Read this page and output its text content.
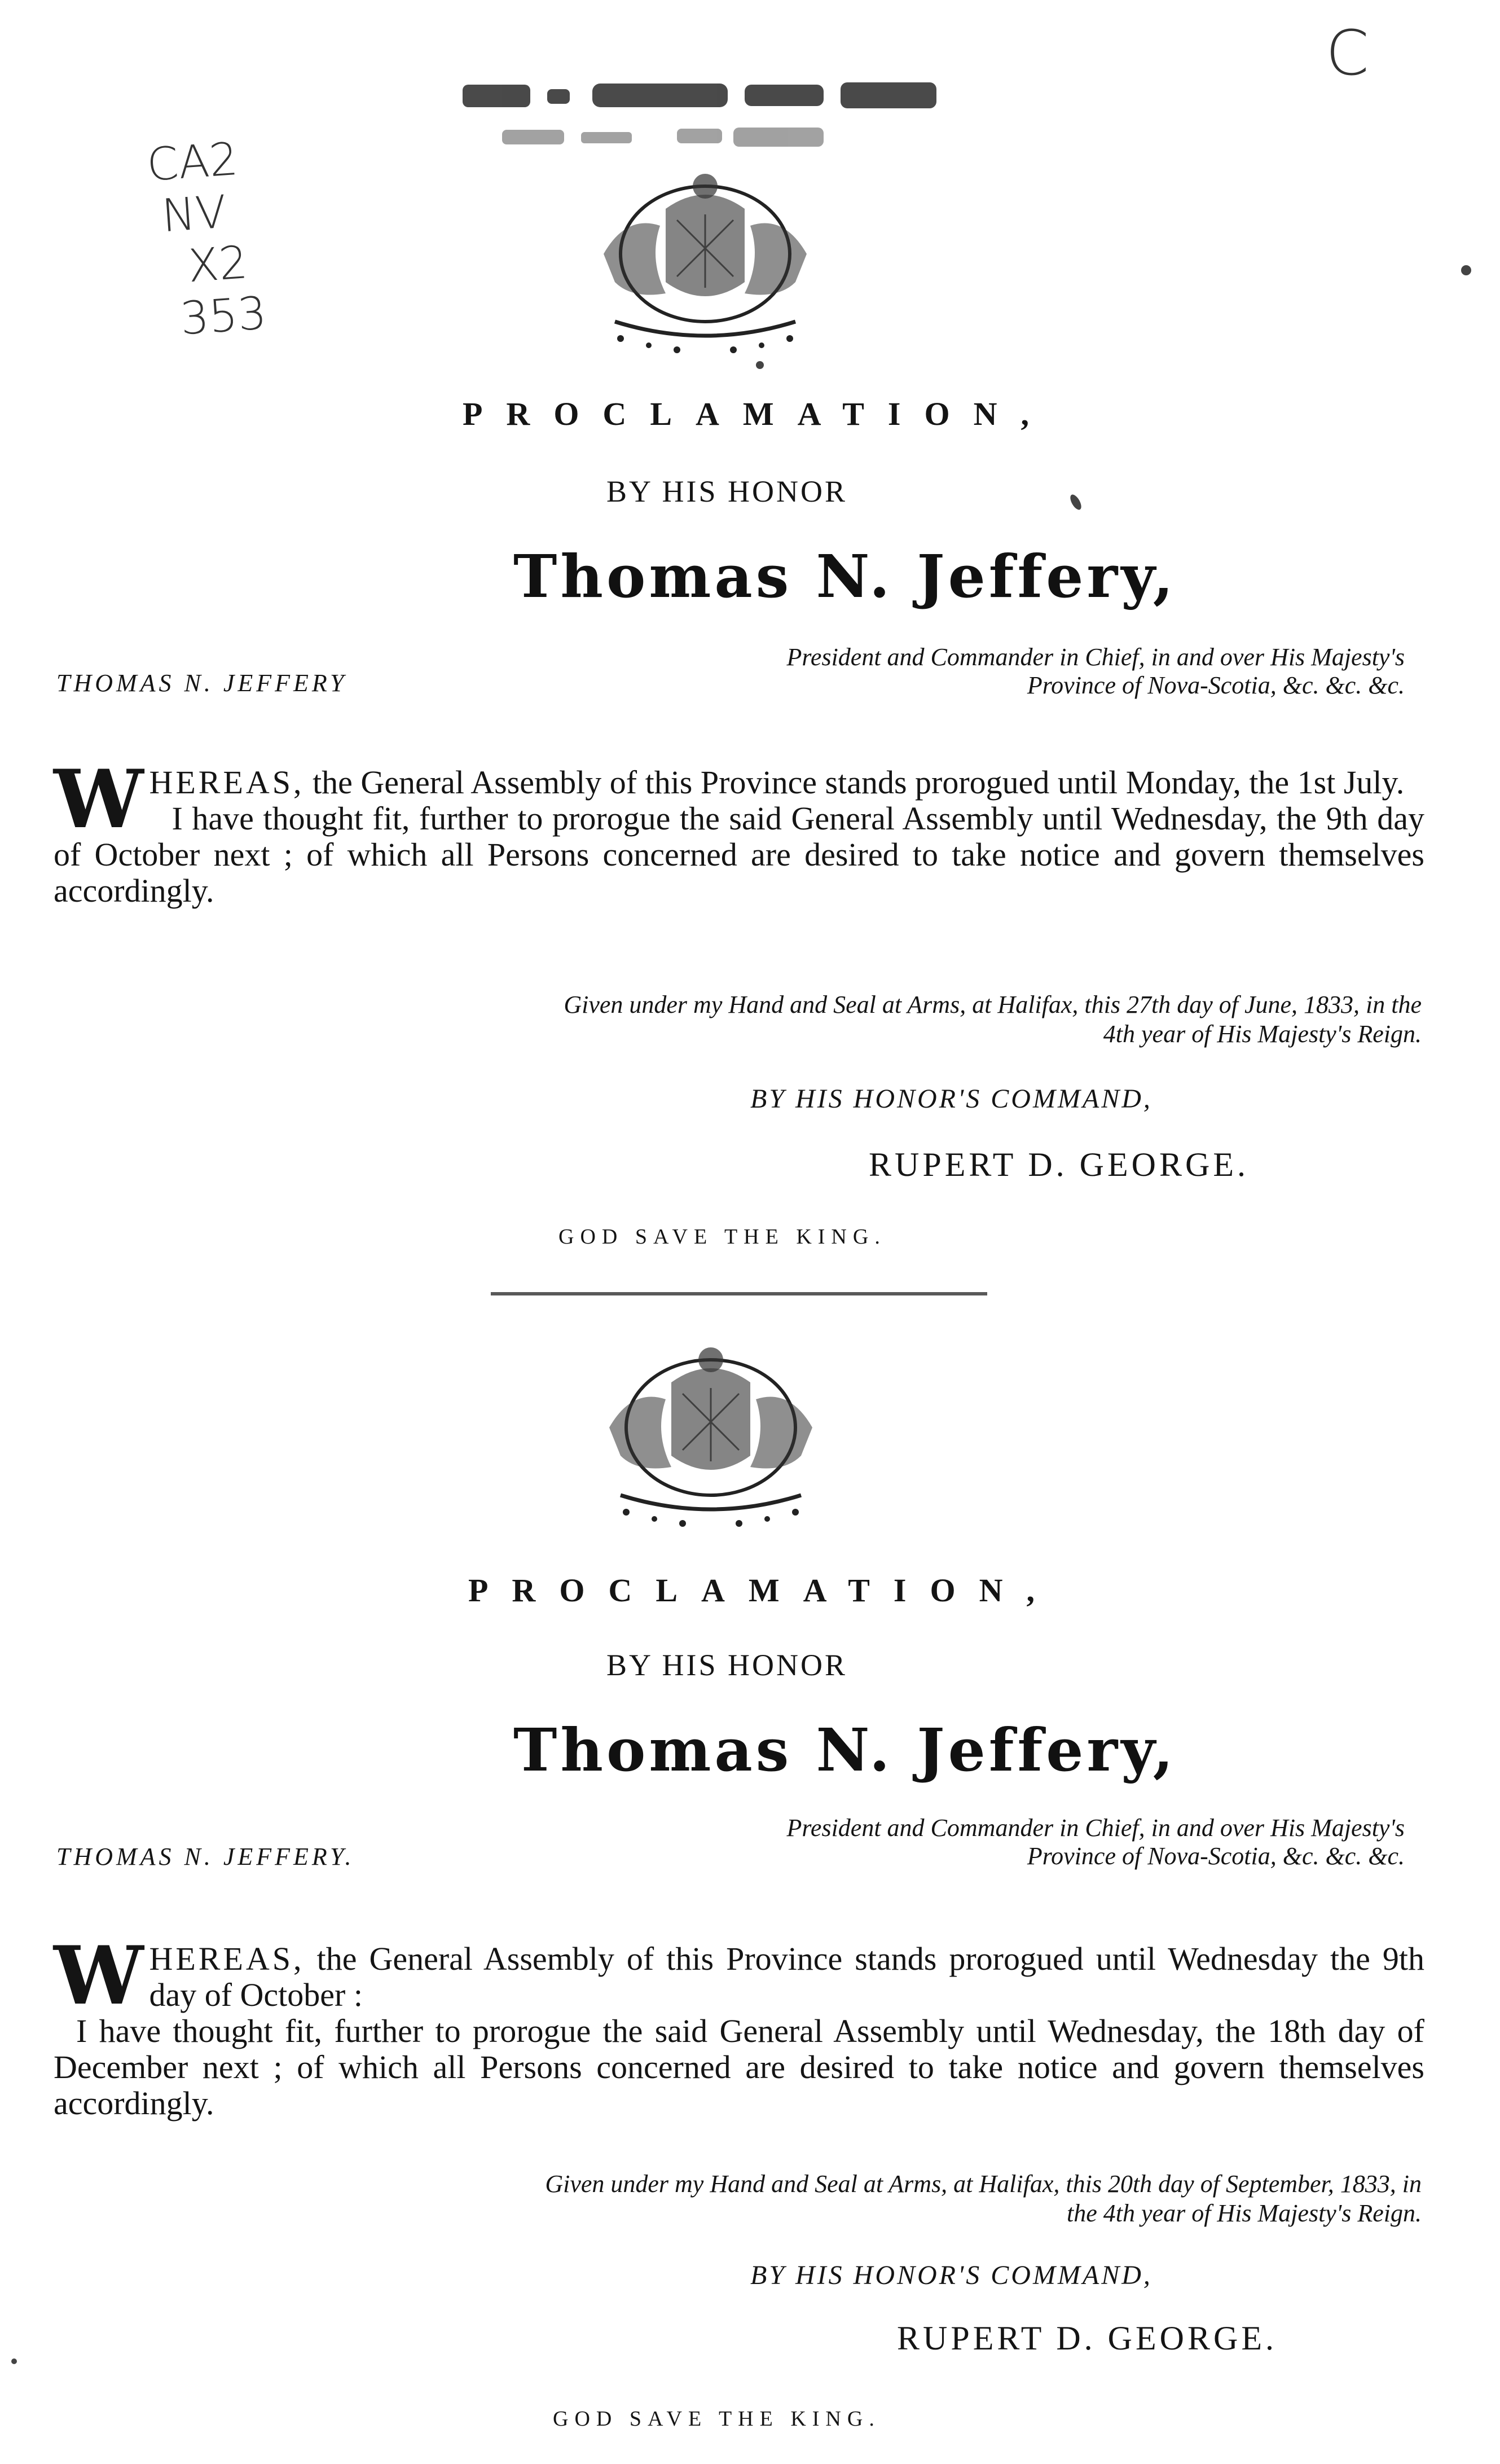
C
CA2
NV
X2
353
PROCLAMATION,
BY HIS HONOR
Thomas N. Jeffery,
THOMAS N. JEFFERY
President and Commander in Chief, in and over His Majesty's Province of Nova-Scotia, &c. &c. &c.

W HEREAS, the General Assembly of this Province stands prorogued until Monday, the 1st July.

I have thought fit, further to prorogue the said General Assembly until Wednesday, the 9th day of October next ; of which all Persons concerned are desired to take notice and govern themselves accordingly.

Given under my Hand and Seal at Arms, at Halifax, this 27th day of June, 1833, in the 4th year of His Majesty's Reign.
BY HIS HONOR'S COMMAND,
RUPERT D. GEORGE.
GOD SAVE THE KING.
PROCLAMATION,
BY HIS HONOR
Thomas N. Jeffery,
THOMAS N. JEFFERY.
President and Commander in Chief, in and over His Majesty's Province of Nova-Scotia, &c. &c. &c.

W HEREAS, the General Assembly of this Province stands prorogued until Wednesday the 9th day of October :

I have thought fit, further to prorogue the said General Assembly until Wednesday, the 18th day of December next ; of which all Persons concerned are desired to take notice and govern themselves accordingly.

Given under my Hand and Seal at Arms, at Halifax, this 20th day of September, 1833, in the 4th year of His Majesty's Reign.
BY HIS HONOR'S COMMAND,
RUPERT D. GEORGE.
GOD SAVE THE KING.
